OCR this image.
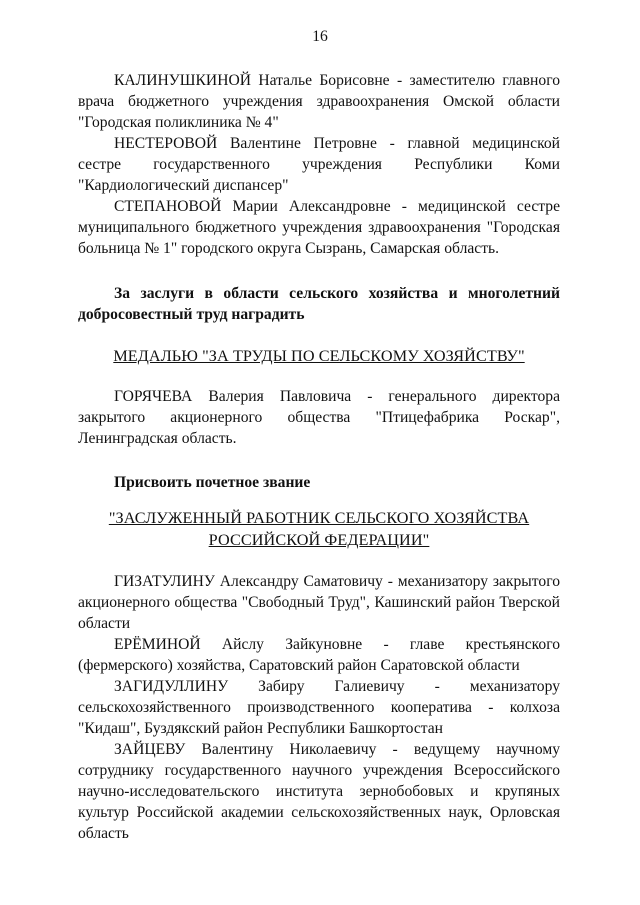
16

КАЛИНУШКИНОЙ Наталье Борисовне - заместителю главного врача бюджетного учреждения здравоохранения Омской области "Городская поликлиника № 4"

НЕСТЕРОВОЙ Валентине Петровне - главной медицинской сестре государственного учреждения Республики Коми "Кардиологический диспансер"

СТЕПАНОВОЙ Марии Александровне - медицинской сестре муниципального бюджетного учреждения здравоохранения "Городская больница № 1" городского округа Сызрань, Самарская область.

За заслуги в области сельского хозяйства и многолетний добросовестный труд наградить

МЕДАЛЬЮ "ЗА ТРУДЫ ПО СЕЛЬСКОМУ ХОЗЯЙСТВУ"

ГОРЯЧЕВА Валерия Павловича - генерального директора закрытого акционерного общества "Птицефабрика Роскар", Ленинградская область.

Присвоить почетное звание

"ЗАСЛУЖЕННЫЙ РАБОТНИК СЕЛЬСКОГО ХОЗЯЙСТВА

РОССИЙСКОЙ ФЕДЕРАЦИИ"

ГИЗАТУЛИНУ Александру Саматовичу - механизатору закрытого акционерного общества "Свободный Труд", Кашинский район Тверской области

ЕРЁМИНОЙ Айслу Зайкуновне - главе крестьянского (фермерского) хозяйства, Саратовский район Саратовской области

ЗАГИДУЛЛИНУ Забиру Галиевичу - механизатору сельскохозяйственного производственного кооператива - колхоза "Кидаш", Буздякский район Республики Башкортостан

ЗАЙЦЕВУ Валентину Николаевичу - ведущему научному сотруднику государственного научного учреждения Всероссийского научно-исследовательского института зернобобовых и крупяных культур Российской академии сельскохозяйственных наук, Орловская область
